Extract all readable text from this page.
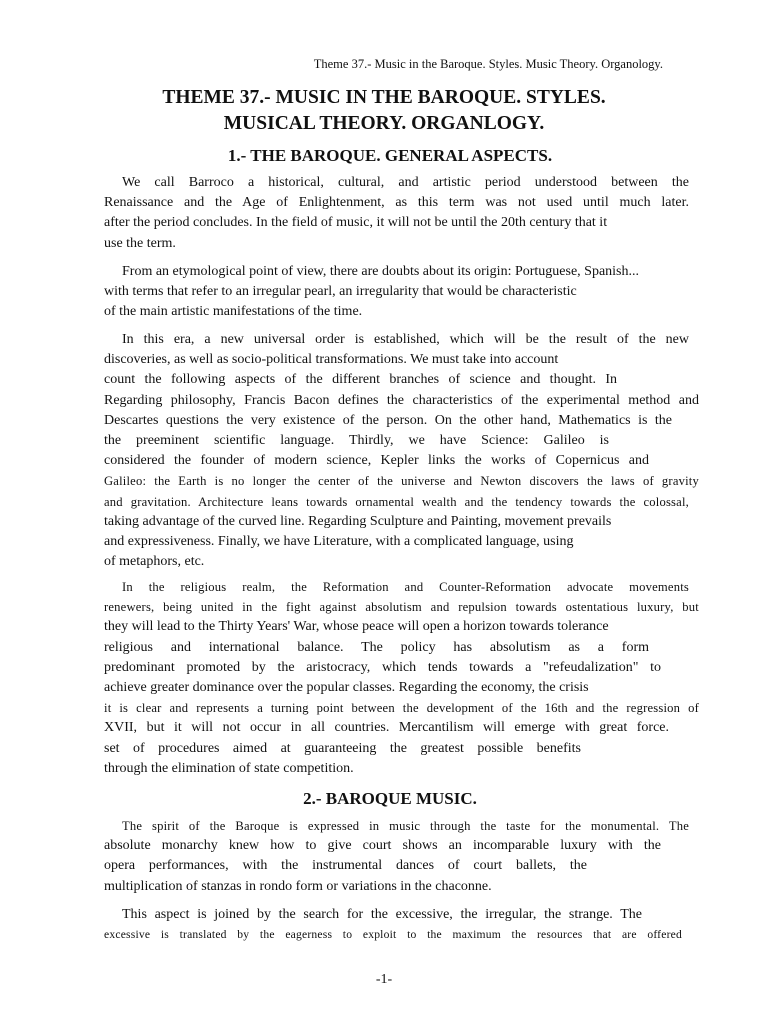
Theme 37.- Music in the Baroque. Styles. Music Theory. Organology.
THEME 37.- MUSIC IN THE BAROQUE. STYLES.
MUSICAL THEORY. ORGANLOGY.
1.- THE BAROQUE. GENERAL ASPECTS.
We call Barroco a historical, cultural, and artistic period understood between the
Renaissance and the Age of Enlightenment, as this term was not used until much later.
after the period concludes. In the field of music, it will not be until the 20th century that it
use the term.
From an etymological point of view, there are doubts about its origin: Portuguese, Spanish...
with terms that refer to an irregular pearl, an irregularity that would be characteristic
of the main artistic manifestations of the time.
In this era, a new universal order is established, which will be the result of the new
discoveries, as well as socio-political transformations. We must take into account
count the following aspects of the different branches of science and thought. In
Regarding philosophy, Francis Bacon defines the characteristics of the experimental method and
Descartes questions the very existence of the person. On the other hand, Mathematics is the
the preeminent scientific language. Thirdly, we have Science: Galileo is
considered the founder of modern science, Kepler links the works of Copernicus and
Galileo: the Earth is no longer the center of the universe and Newton discovers the laws of gravity
and gravitation. Architecture leans towards ornamental wealth and the tendency towards the colossal,
taking advantage of the curved line. Regarding Sculpture and Painting, movement prevails
and expressiveness. Finally, we have Literature, with a complicated language, using
of metaphors, etc.
In the religious realm, the Reformation and Counter-Reformation advocate movements
renewers, being united in the fight against absolutism and repulsion towards ostentatious luxury, but
they will lead to the Thirty Years' War, whose peace will open a horizon towards tolerance
religious and international balance. The policy has absolutism as a form
predominant promoted by the aristocracy, which tends towards a "refeudalization" to
achieve greater dominance over the popular classes. Regarding the economy, the crisis
it is clear and represents a turning point between the development of the 16th and the regression of
XVII, but it will not occur in all countries. Mercantilism will emerge with great force.
set of procedures aimed at guaranteeing the greatest possible benefits
through the elimination of state competition.
2.- BAROQUE MUSIC.
The spirit of the Baroque is expressed in music through the taste for the monumental. The
absolute monarchy knew how to give court shows an incomparable luxury with the
opera performances, with the instrumental dances of court ballets, the
multiplication of stanzas in rondo form or variations in the chaconne.
This aspect is joined by the search for the excessive, the irregular, the strange. The
excessive is translated by the eagerness to exploit to the maximum the resources that are offered
-1-
